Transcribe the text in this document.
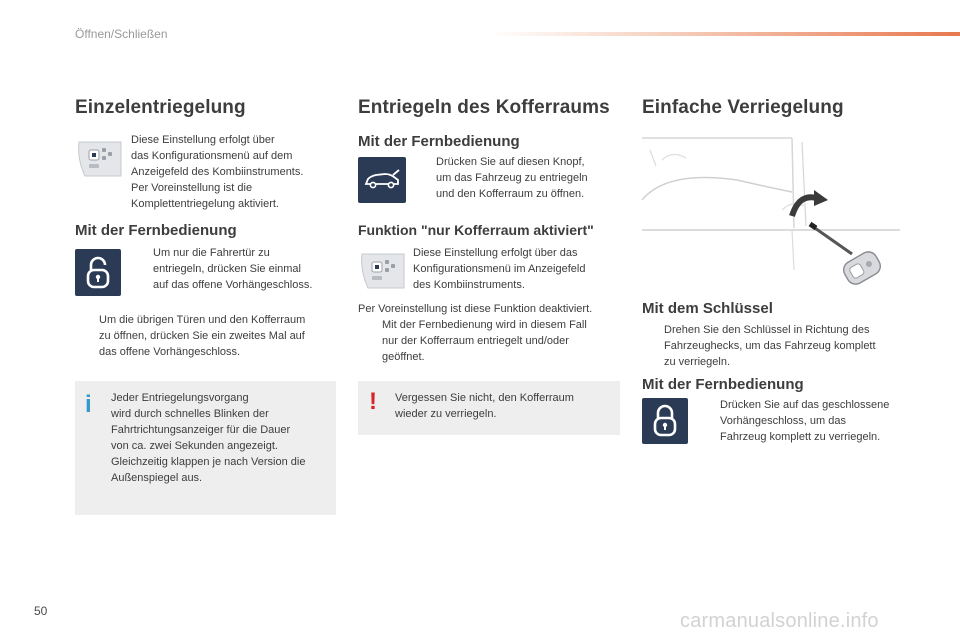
Öffnen/Schließen
Einzelentriegelung

Diese Einstellung erfolgt über

das Konfigurationsmenü auf dem

Anzeigefeld des Kombiinstruments.

Per Voreinstellung ist die

Komplettentriegelung aktiviert.

Mit der Fernbedienung

Um nur die Fahrertür zu

entriegeln, drücken Sie einmal

auf das offene Vorhängeschloss.

Um die übrigen Türen und den Kofferraum

zu öffnen, drücken Sie ein zweites Mal auf

das offene Vorhängeschloss.

i Jeder Entriegelungsvorgang

wird durch schnelles Blinken der

Fahrtrichtungsanzeiger für die Dauer

von ca. zwei Sekunden angezeigt.

Gleichzeitig klappen je nach Version die

Außenspiegel aus.

Entriegeln des Kofferraums
Mit der Fernbedienung

Drücken Sie auf diesen Knopf,

um das Fahrzeug zu entriegeln

und den Kofferraum zu öffnen.

Funktion "nur Kofferraum aktiviert"

Diese Einstellung erfolgt über das

Konfigurationsmenü im Anzeigefeld

des Kombiinstruments.

Per Voreinstellung ist diese Funktion deaktiviert.

Mit der Fernbedienung wird in diesem Fall

nur der Kofferraum entriegelt und/oder

geöffnet.

! Vergessen Sie nicht, den Kofferraum

wieder zu verriegeln.

Einfache Verriegelung
Mit dem Schlüssel

Drehen Sie den Schlüssel in Richtung des

Fahrzeughecks, um das Fahrzeug komplett

zu verriegeln.

Mit der Fernbedienung

Drücken Sie auf das geschlossene

Vorhängeschloss, um das

Fahrzeug komplett zu verriegeln.

50	carmanualsonline.info
